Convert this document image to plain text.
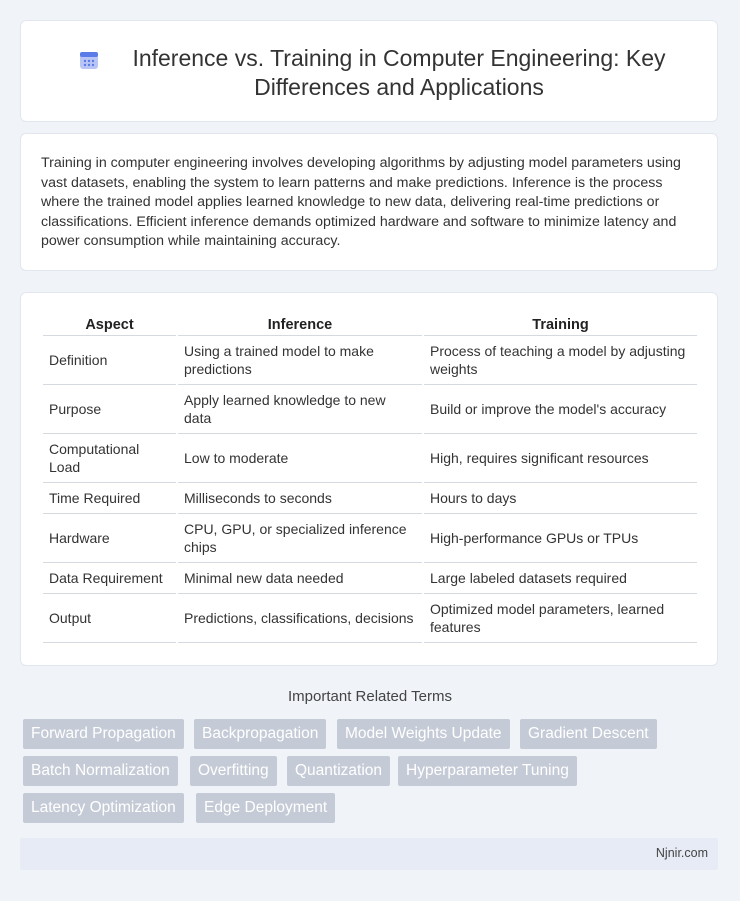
Inference vs. Training in Computer Engineering: Key Differences and Applications

Training in computer engineering involves developing algorithms by adjusting model parameters using vast datasets, enabling the system to learn patterns and make predictions. Inference is the process where the trained model applies learned knowledge to new data, delivering real-time predictions or classifications. Efficient inference demands optimized hardware and software to minimize latency and power consumption while maintaining accuracy.

Aspect	Inference	Training
Definition	Using a trained model to make predictions	Process of teaching a model by adjusting weights
Purpose	Apply learned knowledge to new data	Build or improve the model's accuracy
Computational Load	Low to moderate	High, requires significant resources
Time Required	Milliseconds to seconds	Hours to days
Hardware	CPU, GPU, or specialized inference chips	High-performance GPUs or TPUs
Data Requirement	Minimal new data needed	Large labeled datasets required
Output	Predictions, classifications, decisions	Optimized model parameters, learned features
Important Related Terms
Forward Propagation	Backpropagation	Model Weights Update	Gradient Descent
Batch Normalization	Overfitting	Quantization	Hyperparameter Tuning
Latency Optimization	Edge Deployment
Njnir.com
